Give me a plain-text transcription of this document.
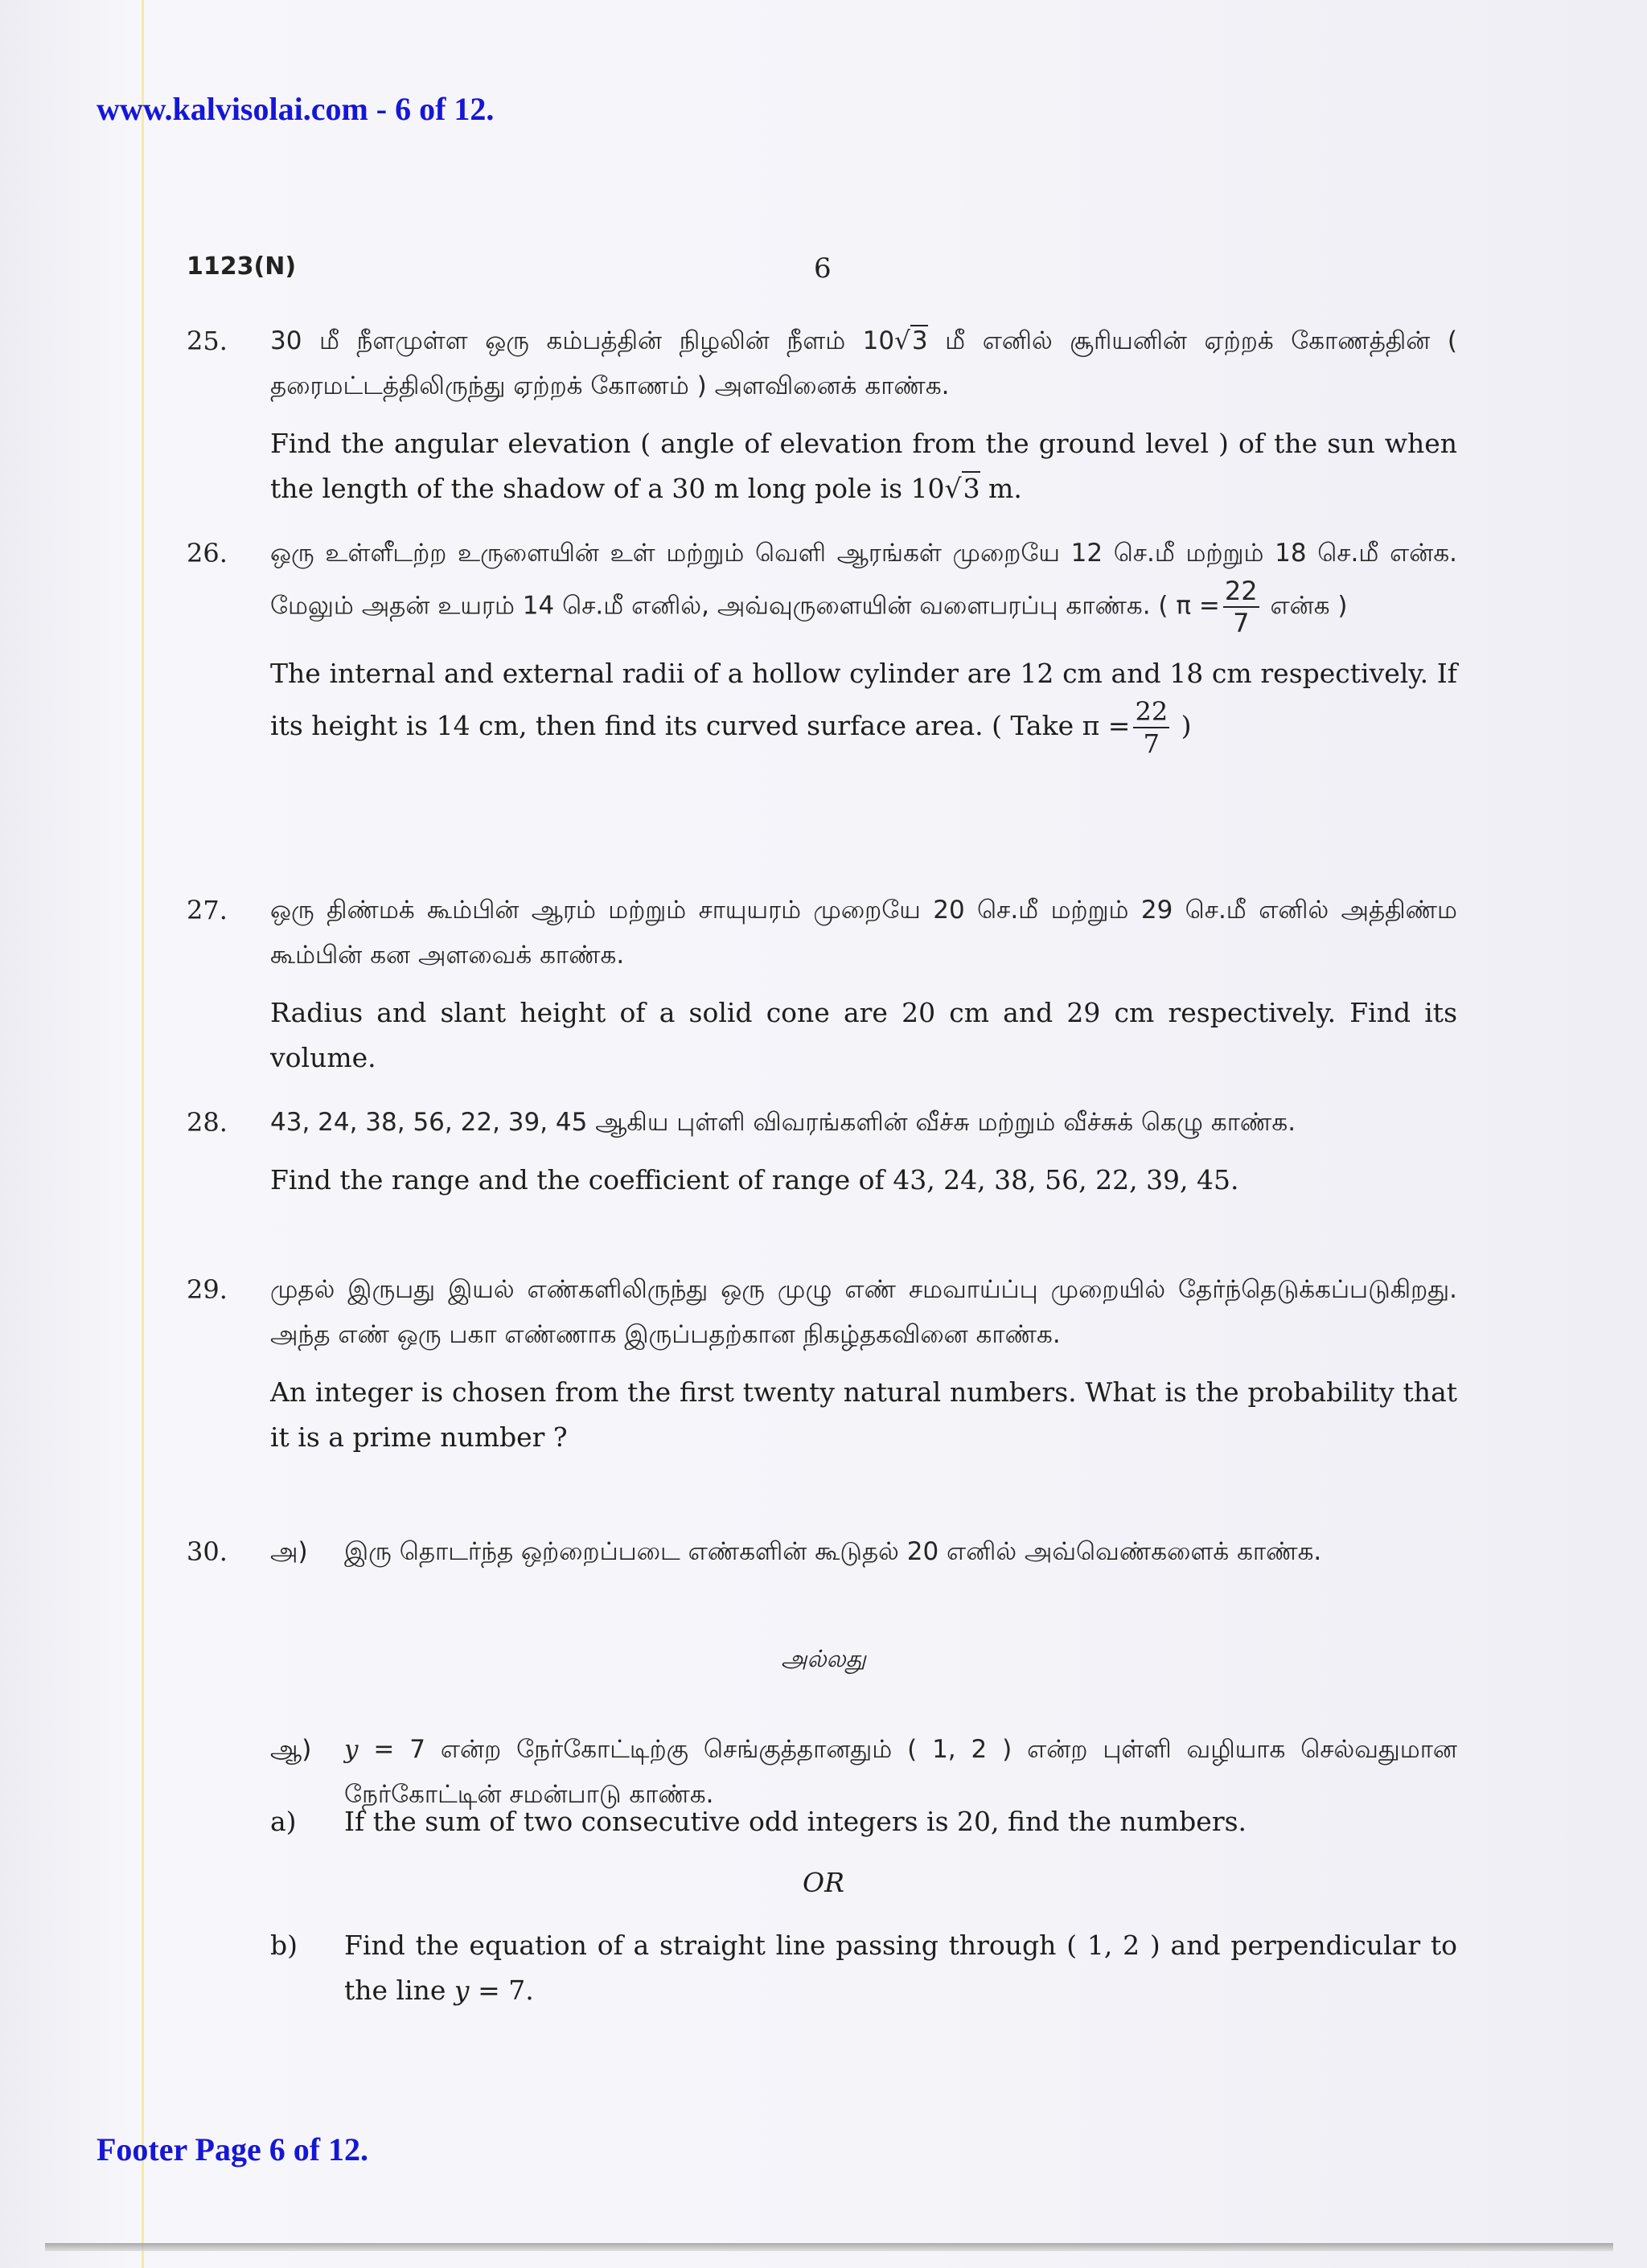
www.kalvisolai.com - 6 of 12.
1123(N)	6
25. 30 மீ நீளமுள்ள ஒரு கம்பத்தின் நிழலின் நீளம் 10√3 மீ எனில் சூரியனின் ஏற்றக் கோணத்தின் ( தரைமட்டத்திலிருந்து ஏற்றக் கோணம் ) அளவினைக் காண்க.

Find the angular elevation ( angle of elevation from the ground level ) of the sun when the length of the shadow of a 30 m long pole is 10√3 m.

26. ஒரு உள்ளீடற்ற உருளையின் உள் மற்றும் வெளி ஆரங்கள் முறையே 12 செ.மீ மற்றும் 18 செ.மீ என்க. மேலும் அதன் உயரம் 14 செ.மீ எனில், அவ்வுருளையின் வளைபரப்பு காண்க. ( $\pi = \frac{22}{7}$ என்க )

The internal and external radii of a hollow cylinder are 12 cm and 18 cm respectively. If its height is 14 cm, then find its curved surface area. ( Take $\pi = \frac{22}{7}$ )

27. ஒரு திண்மக் கூம்பின் ஆரம் மற்றும் சாயுயரம் முறையே 20 செ.மீ மற்றும் 29 செ.மீ எனில் அத்திண்ம கூம்பின் கன அளவைக் காண்க.

Radius and slant height of a solid cone are 20 cm and 29 cm respectively. Find its volume.

28. 43, 24, 38, 56, 22, 39, 45 ஆகிய புள்ளி விவரங்களின் வீச்சு மற்றும் வீச்சுக் கெழு காண்க.

Find the range and the coefficient of range of 43, 24, 38, 56, 22, 39, 45.

29. முதல் இருபது இயல் எண்களிலிருந்து ஒரு முழு எண் சமவாய்ப்பு முறையில் தேர்ந்தெடுக்கப்படுகிறது. அந்த எண் ஒரு பகா எண்ணாக இருப்பதற்கான நிகழ்தகவினை காண்க.

An integer is chosen from the first twenty natural numbers. What is the probability that it is a prime number ?

30. அ) இரு தொடர்ந்த ஒற்றைப்படை எண்களின் கூடுதல் 20 எனில் அவ்வெண்களைக் காண்க.

ஆ) y = 7 என்ற நேர்கோட்டிற்கு செங்குத்தானதும் ( 1, 2 ) என்ற புள்ளி வழியாக செல்வதுமான நேர்கோட்டின் சமன்பாடு காண்க.

a) If the sum of two consecutive odd integers is 20, find the numbers.

b) Find the equation of a straight line passing through ( 1, 2 ) and perpendicular to the line y = 7.

அல்லது
OR
Footer Page 6 of 12.
